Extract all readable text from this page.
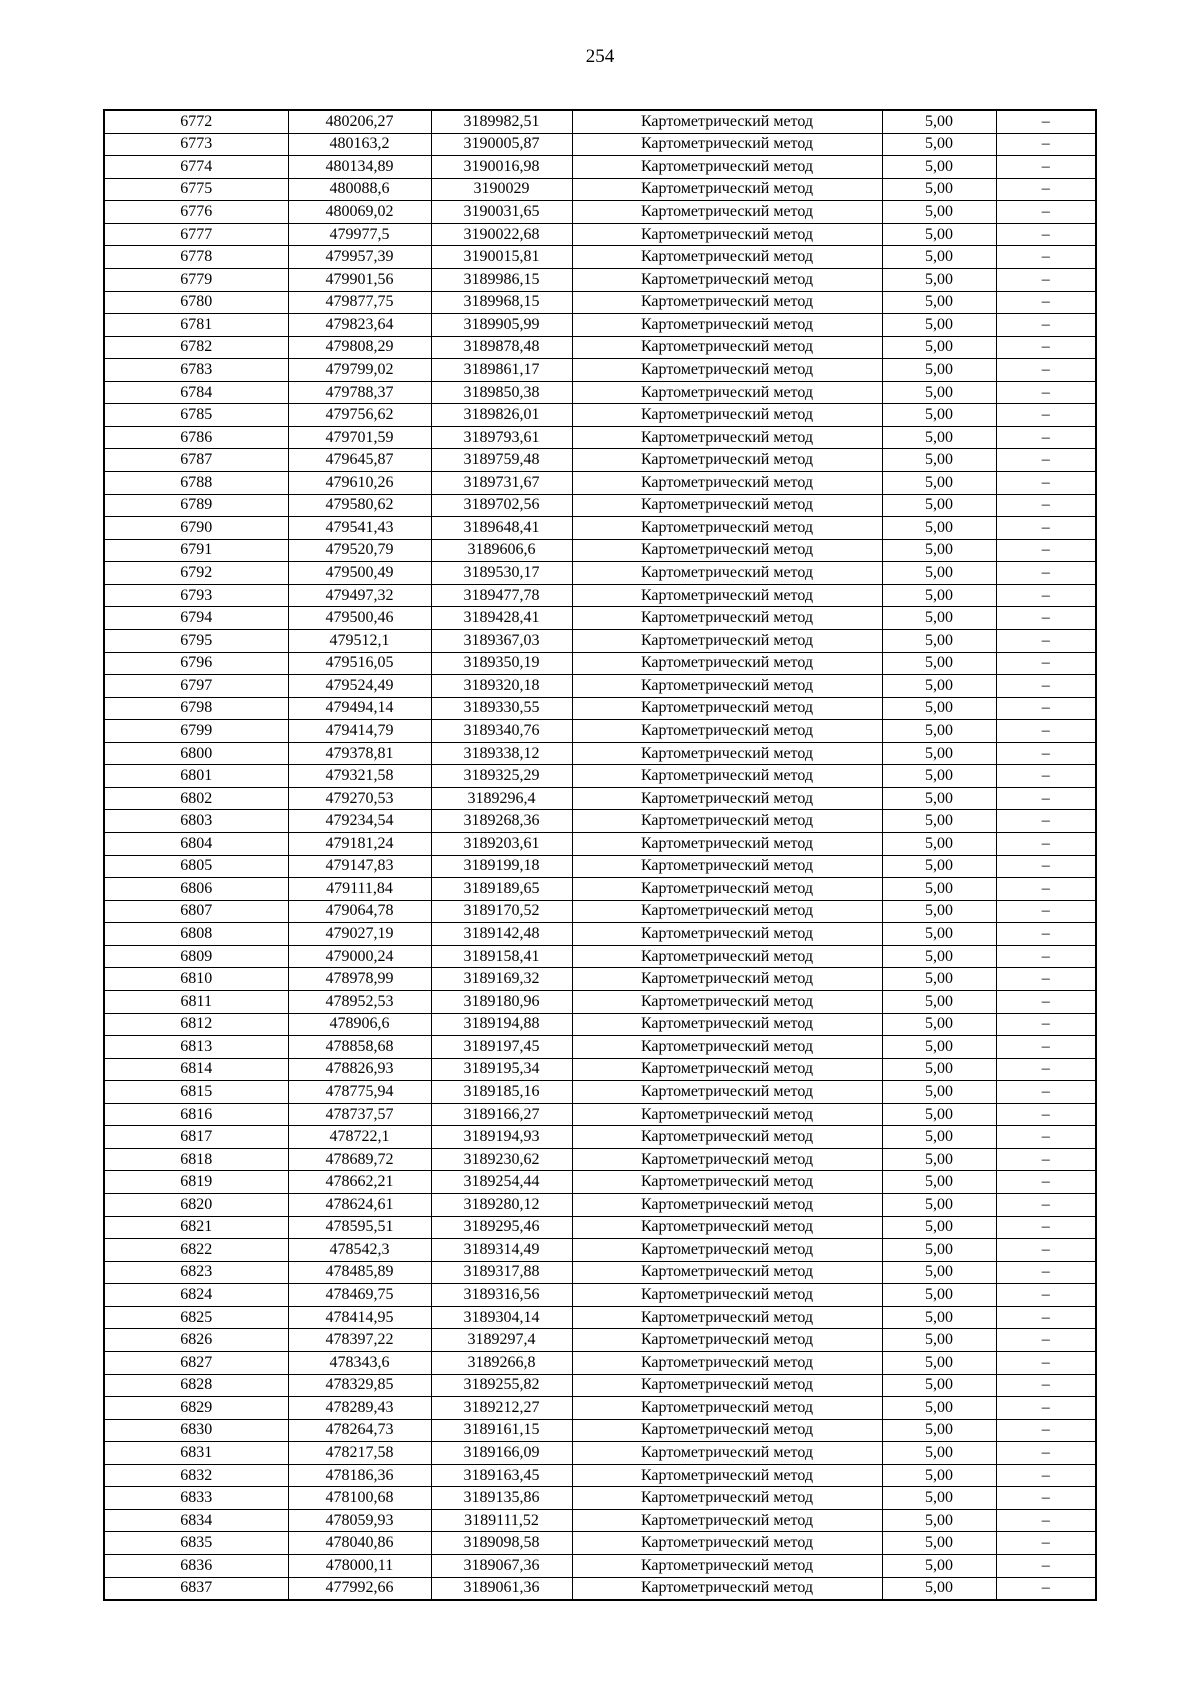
254
6772	480206,27	3189982,51	Картометрический метод	5,00	–
6773	480163,2	3190005,87	Картометрический метод	5,00	–
6774	480134,89	3190016,98	Картометрический метод	5,00	–
6775	480088,6	3190029	Картометрический метод	5,00	–
6776	480069,02	3190031,65	Картометрический метод	5,00	–
6777	479977,5	3190022,68	Картометрический метод	5,00	–
6778	479957,39	3190015,81	Картометрический метод	5,00	–
6779	479901,56	3189986,15	Картометрический метод	5,00	–
6780	479877,75	3189968,15	Картометрический метод	5,00	–
6781	479823,64	3189905,99	Картометрический метод	5,00	–
6782	479808,29	3189878,48	Картометрический метод	5,00	–
6783	479799,02	3189861,17	Картометрический метод	5,00	–
6784	479788,37	3189850,38	Картометрический метод	5,00	–
6785	479756,62	3189826,01	Картометрический метод	5,00	–
6786	479701,59	3189793,61	Картометрический метод	5,00	–
6787	479645,87	3189759,48	Картометрический метод	5,00	–
6788	479610,26	3189731,67	Картометрический метод	5,00	–
6789	479580,62	3189702,56	Картометрический метод	5,00	–
6790	479541,43	3189648,41	Картометрический метод	5,00	–
6791	479520,79	3189606,6	Картометрический метод	5,00	–
6792	479500,49	3189530,17	Картометрический метод	5,00	–
6793	479497,32	3189477,78	Картометрический метод	5,00	–
6794	479500,46	3189428,41	Картометрический метод	5,00	–
6795	479512,1	3189367,03	Картометрический метод	5,00	–
6796	479516,05	3189350,19	Картометрический метод	5,00	–
6797	479524,49	3189320,18	Картометрический метод	5,00	–
6798	479494,14	3189330,55	Картометрический метод	5,00	–
6799	479414,79	3189340,76	Картометрический метод	5,00	–
6800	479378,81	3189338,12	Картометрический метод	5,00	–
6801	479321,58	3189325,29	Картометрический метод	5,00	–
6802	479270,53	3189296,4	Картометрический метод	5,00	–
6803	479234,54	3189268,36	Картометрический метод	5,00	–
6804	479181,24	3189203,61	Картометрический метод	5,00	–
6805	479147,83	3189199,18	Картометрический метод	5,00	–
6806	479111,84	3189189,65	Картометрический метод	5,00	–
6807	479064,78	3189170,52	Картометрический метод	5,00	–
6808	479027,19	3189142,48	Картометрический метод	5,00	–
6809	479000,24	3189158,41	Картометрический метод	5,00	–
6810	478978,99	3189169,32	Картометрический метод	5,00	–
6811	478952,53	3189180,96	Картометрический метод	5,00	–
6812	478906,6	3189194,88	Картометрический метод	5,00	–
6813	478858,68	3189197,45	Картометрический метод	5,00	–
6814	478826,93	3189195,34	Картометрический метод	5,00	–
6815	478775,94	3189185,16	Картометрический метод	5,00	–
6816	478737,57	3189166,27	Картометрический метод	5,00	–
6817	478722,1	3189194,93	Картометрический метод	5,00	–
6818	478689,72	3189230,62	Картометрический метод	5,00	–
6819	478662,21	3189254,44	Картометрический метод	5,00	–
6820	478624,61	3189280,12	Картометрический метод	5,00	–
6821	478595,51	3189295,46	Картометрический метод	5,00	–
6822	478542,3	3189314,49	Картометрический метод	5,00	–
6823	478485,89	3189317,88	Картометрический метод	5,00	–
6824	478469,75	3189316,56	Картометрический метод	5,00	–
6825	478414,95	3189304,14	Картометрический метод	5,00	–
6826	478397,22	3189297,4	Картометрический метод	5,00	–
6827	478343,6	3189266,8	Картометрический метод	5,00	–
6828	478329,85	3189255,82	Картометрический метод	5,00	–
6829	478289,43	3189212,27	Картометрический метод	5,00	–
6830	478264,73	3189161,15	Картометрический метод	5,00	–
6831	478217,58	3189166,09	Картометрический метод	5,00	–
6832	478186,36	3189163,45	Картометрический метод	5,00	–
6833	478100,68	3189135,86	Картометрический метод	5,00	–
6834	478059,93	3189111,52	Картометрический метод	5,00	–
6835	478040,86	3189098,58	Картометрический метод	5,00	–
6836	478000,11	3189067,36	Картометрический метод	5,00	–
6837	477992,66	3189061,36	Картометрический метод	5,00	–
